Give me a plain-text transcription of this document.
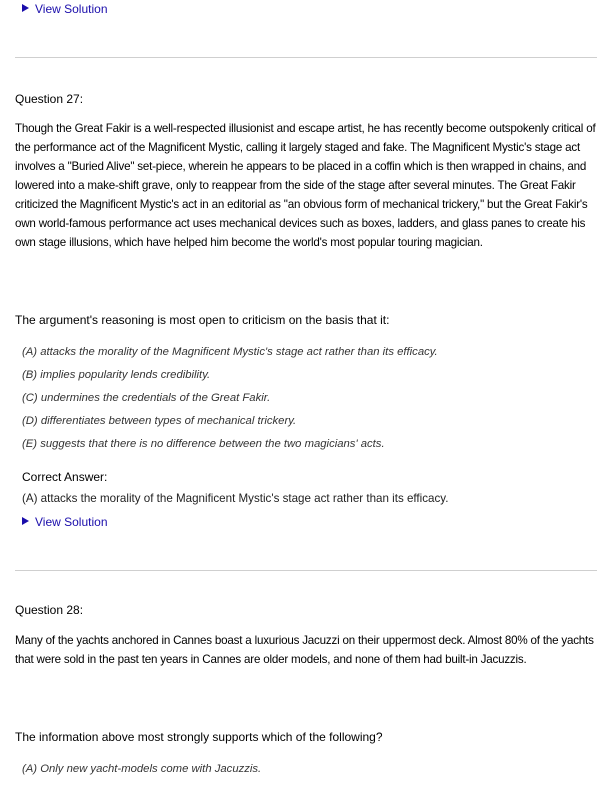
View Solution
Question 27:
Though the Great Fakir is a well-respected illusionist and escape artist, he has recently become outspokenly critical of the performance act of the Magnificent Mystic, calling it largely staged and fake. The Magnificent Mystic's stage act involves a "Buried Alive" set-piece, wherein he appears to be placed in a coffin which is then wrapped in chains, and lowered into a make-shift grave, only to reappear from the side of the stage after several minutes. The Great Fakir criticized the Magnificent Mystic's act in an editorial as "an obvious form of mechanical trickery," but the Great Fakir's own world-famous performance act uses mechanical devices such as boxes, ladders, and glass panes to create his own stage illusions, which have helped him become the world's most popular touring magician.
The argument's reasoning is most open to criticism on the basis that it:
(A) attacks the morality of the Magnificent Mystic's stage act rather than its efficacy.
(B) implies popularity lends credibility.
(C) undermines the credentials of the Great Fakir.
(D) differentiates between types of mechanical trickery.
(E) suggests that there is no difference between the two magicians' acts.
Correct Answer:
(A) attacks the morality of the Magnificent Mystic's stage act rather than its efficacy.
View Solution
Question 28:
Many of the yachts anchored in Cannes boast a luxurious Jacuzzi on their uppermost deck. Almost 80% of the yachts that were sold in the past ten years in Cannes are older models, and none of them had built-in Jacuzzis.
The information above most strongly supports which of the following?
(A) Only new yacht-models come with Jacuzzis.
